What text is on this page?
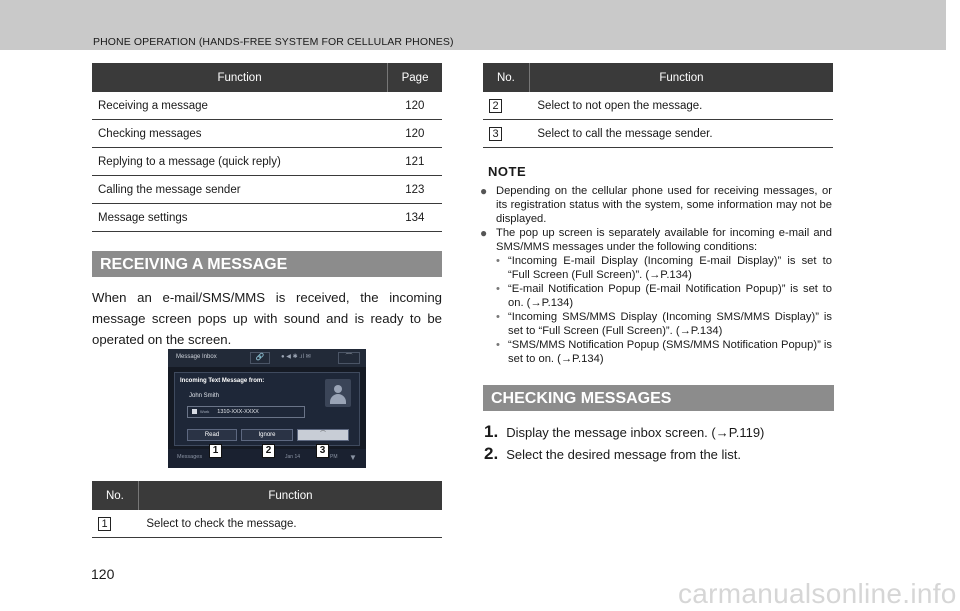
PHONE OPERATION (HANDS-FREE SYSTEM FOR CELLULAR PHONES)
Function	Page
Receiving a message	120
Checking messages	120
Replying to a message (quick reply)	121
Calling the message sender	123
Message settings	134
RECEIVING A MESSAGE
When an e-mail/SMS/MMS is received, the incoming message screen pops up with sound and is ready to be operated on the screen.
Message Inbox	🔗	● ◀ ✱ .ıl ✉	⌒
Incoming Text Message from:
John Smith
Work 1310-XXX-XXXX
Read	Ignore	⌒
Messages	Jan 14	PM ▼
1	2	3
No.	Function
1	Select to check the message.
No.	Function
2	Select to not open the message.
3	Select to call the message sender.
NOTE
● Depending on the cellular phone used for receiving messages, or its registration status with the system, some information may not be displayed.
● The pop up screen is separately available for incoming e-mail and SMS/MMS messages under the following conditions:
• “Incoming E-mail Display (Incoming E-mail Display)” is set to “Full Screen (Full Screen)”. (→P.134)
• “E-mail Notification Popup (E-mail Notification Popup)” is set to on. (→P.134)
• “Incoming SMS/MMS Display (Incoming SMS/MMS Display)” is set to “Full Screen (Full Screen)”. (→P.134)
• “SMS/MMS Notification Popup (SMS/MMS Notification Popup)” is set to on. (→P.134)
CHECKING MESSAGES
1. Display the message inbox screen. (→P.119)
2. Select the desired message from the list.
120
carmanualsonline.info
